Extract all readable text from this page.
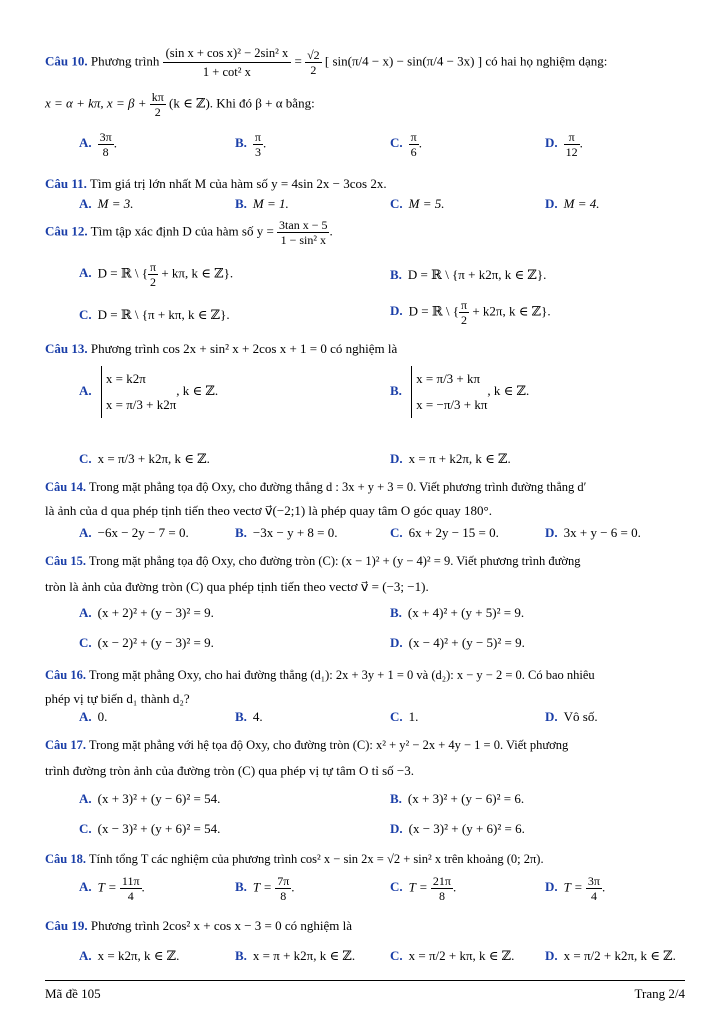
Câu 10. Phương trình $\frac{\text{(sin x + cos x)² − 2sin² x}}{\text{1 + cot² x}} = \frac{√2}{2}$ [ sin(π/4 − x) − sin(π/4 − 3x) ] có hai họ nghiệm dạng:
x = α + kπ, $x = \beta + \frac{k\pi}{2} (k$ ∈ ℤ). Khi đó β + α bằng:
A. $\frac{3\pi}{8}$ .	B. $\frac{\pi}{3}$ .	C. $\frac{\pi}{6}$ .	D. $\frac{\pi}{12}$ .
Câu 11. Tìm giá trị lớn nhất M của hàm số y = 4sin 2x − 3cos 2x.
A. M = 3.	B. M = 1.	C. M = 5.	D. M = 4.
Câu 12. Tìm tập xác định D của hàm số $y = \frac{\text{3tan x − 5}}{\text{1 − sin² x}}$ .
A. D = ℝ \ { $\frac{\pi}{2} + k\pi$, k ∈ ℤ}.	B. D = ℝ \ {π + k2π, k ∈ ℤ}.
C. D = ℝ \ {π + kπ, k ∈ ℤ}.	D. D = ℝ \ { $\frac{\pi}{2} + k2\pi$, k ∈ ℤ}.
Câu 13. Phương trình cos 2x + sin² x + 2cos x + 1 = 0 có nghiệm là
A.
x = k2π
x = π/3 + k2π
, k ∈ ℤ.	B.
x = π/3 + kπ
x = −π/3 + kπ
, k ∈ ℤ.
C. x = π/3 + k2π, k ∈ ℤ.	D. x = π + k2π, k ∈ ℤ.
Câu 14. Trong mặt phẳng tọa độ Oxy, cho đường thẳng d : 3x + y + 3 = 0. Viết phương trình đường thẳng d′
là ảnh của d qua phép tịnh tiến theo vectơ v⃗(−2;1) là phép quay tâm O góc quay 180°.
A. −6x − 2y − 7 = 0.	B. −3x − y + 8 = 0.	C. 6x + 2y − 15 = 0.	D. 3x + y − 6 = 0.
Câu 15. Trong mặt phẳng tọa độ Oxy, cho đường tròn (C): (x − 1)² + (y − 4)² = 9. Viết phương trình đường
tròn là ảnh của đường tròn (C) qua phép tịnh tiến theo vectơ v⃗ = (−3; −1).
A. (x + 2)² + (y − 3)² = 9.	B. (x + 4)² + (y + 5)² = 9.
C. (x − 2)² + (y − 3)² = 9.	D. (x − 4)² + (y − 5)² = 9.
Câu 16. Trong mặt phẳng Oxy, cho hai đường thẳng (d₁): 2x + 3y + 1 = 0 và (d₂): x − y − 2 = 0. Có bao nhiêu
phép vị tự biến d₁ thành d₂?
A. 0.	B. 4.	C. 1.	D. Vô số.
Câu 17. Trong mặt phẳng với hệ tọa độ Oxy, cho đường tròn (C): x² + y² − 2x + 4y − 1 = 0. Viết phương
trình đường tròn ảnh của đường tròn (C) qua phép vị tự tâm O tỉ số −3.
A. (x + 3)² + (y − 6)² = 54.	B. (x + 3)² + (y − 6)² = 6.
C. (x − 3)² + (y + 6)² = 54.	D. (x − 3)² + (y + 6)² = 6.
Câu 18. Tính tổng T các nghiệm của phương trình cos² x − sin 2x = √2 + sin² x trên khoảng (0; 2π).
A. $T = \frac{11\pi}{4}$ .	B. $T = \frac{7\pi}{8}$ .	C. $T = \frac{21\pi}{8}$ .	D. $T = \frac{3\pi}{4}$ .
Câu 19. Phương trình 2cos² x + cos x − 3 = 0 có nghiệm là
A. x = k2π, k ∈ ℤ.	B. x = π + k2π, k ∈ ℤ.	C. x = π/2 + kπ, k ∈ ℤ. D. x = π/2 + k2π, k ∈ ℤ.
Mã đề 105	Trang 2/4
